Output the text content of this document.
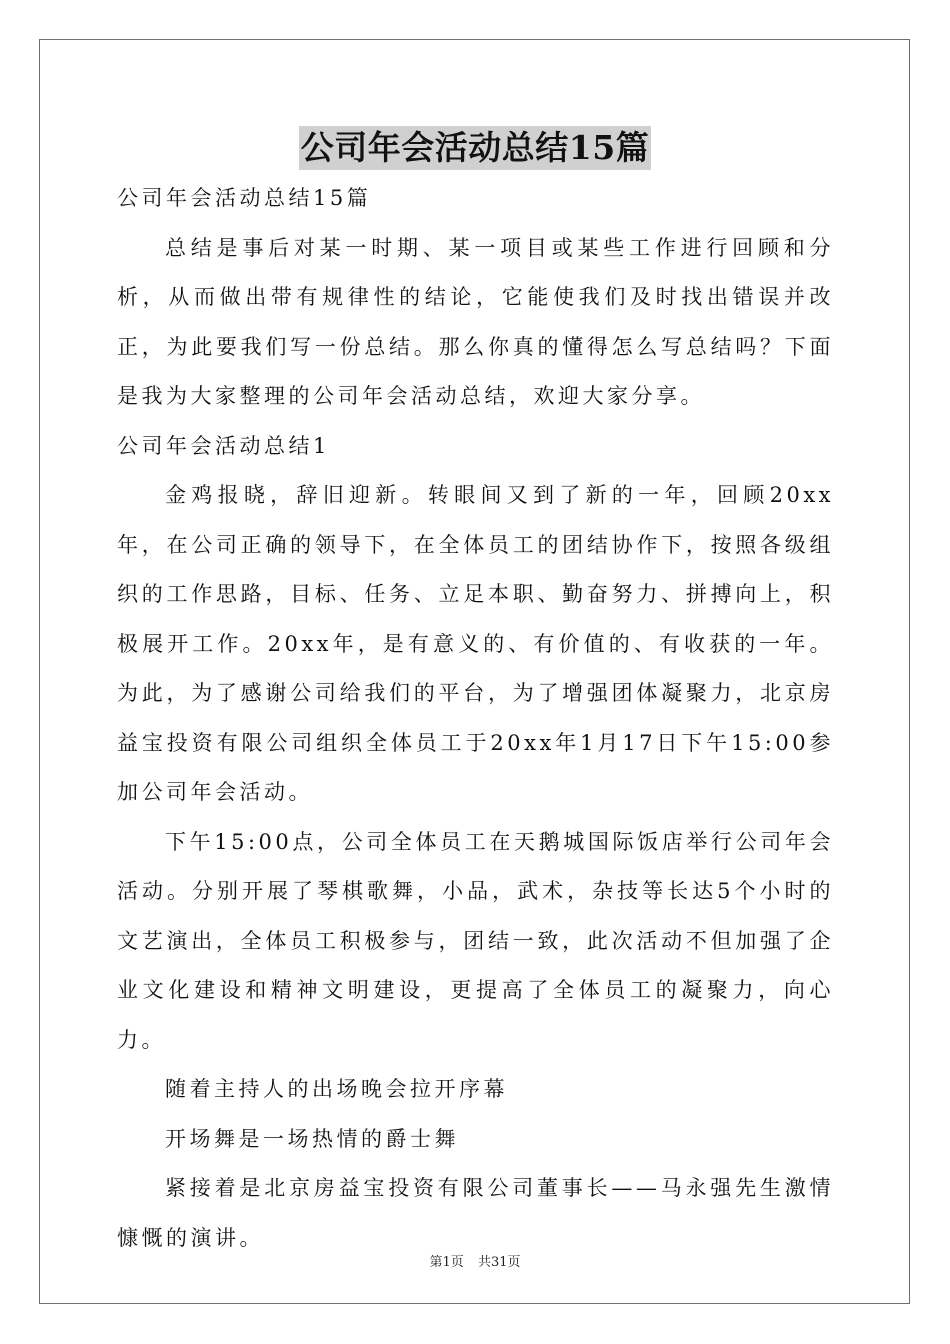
公司年会活动总结15篇

公司年会活动总结15篇

总结是事后对某一时期、某一项目或某些工作进行回顾和分析，从而做出带有规律性的结论，它能使我们及时找出错误并改正，为此要我们写一份总结。那么你真的懂得怎么写总结吗？下面是我为大家整理的公司年会活动总结，欢迎大家分享。

公司年会活动总结1

金鸡报晓，辞旧迎新。转眼间又到了新的一年，回顾20xx年，在公司正确的领导下，在全体员工的团结协作下，按照各级组织的工作思路，目标、任务、立足本职、勤奋努力、拼搏向上，积极展开工作。20xx年，是有意义的、有价值的、有收获的一年。为此，为了感谢公司给我们的平台，为了增强团体凝聚力，北京房益宝投资有限公司组织全体员工于20xx年1月17日下午15:00参加公司年会活动。

下午15:00点，公司全体员工在天鹅城国际饭店举行公司年会活动。分别开展了琴棋歌舞，小品，武术，杂技等长达5个小时的文艺演出，全体员工积极参与，团结一致，此次活动不但加强了企业文化建设和精神文明建设，更提高了全体员工的凝聚力，向心力。

随着主持人的出场晚会拉开序幕

开场舞是一场热情的爵士舞

紧接着是北京房益宝投资有限公司董事长——马永强先生激情慷慨的演讲。

第1页 共31页
